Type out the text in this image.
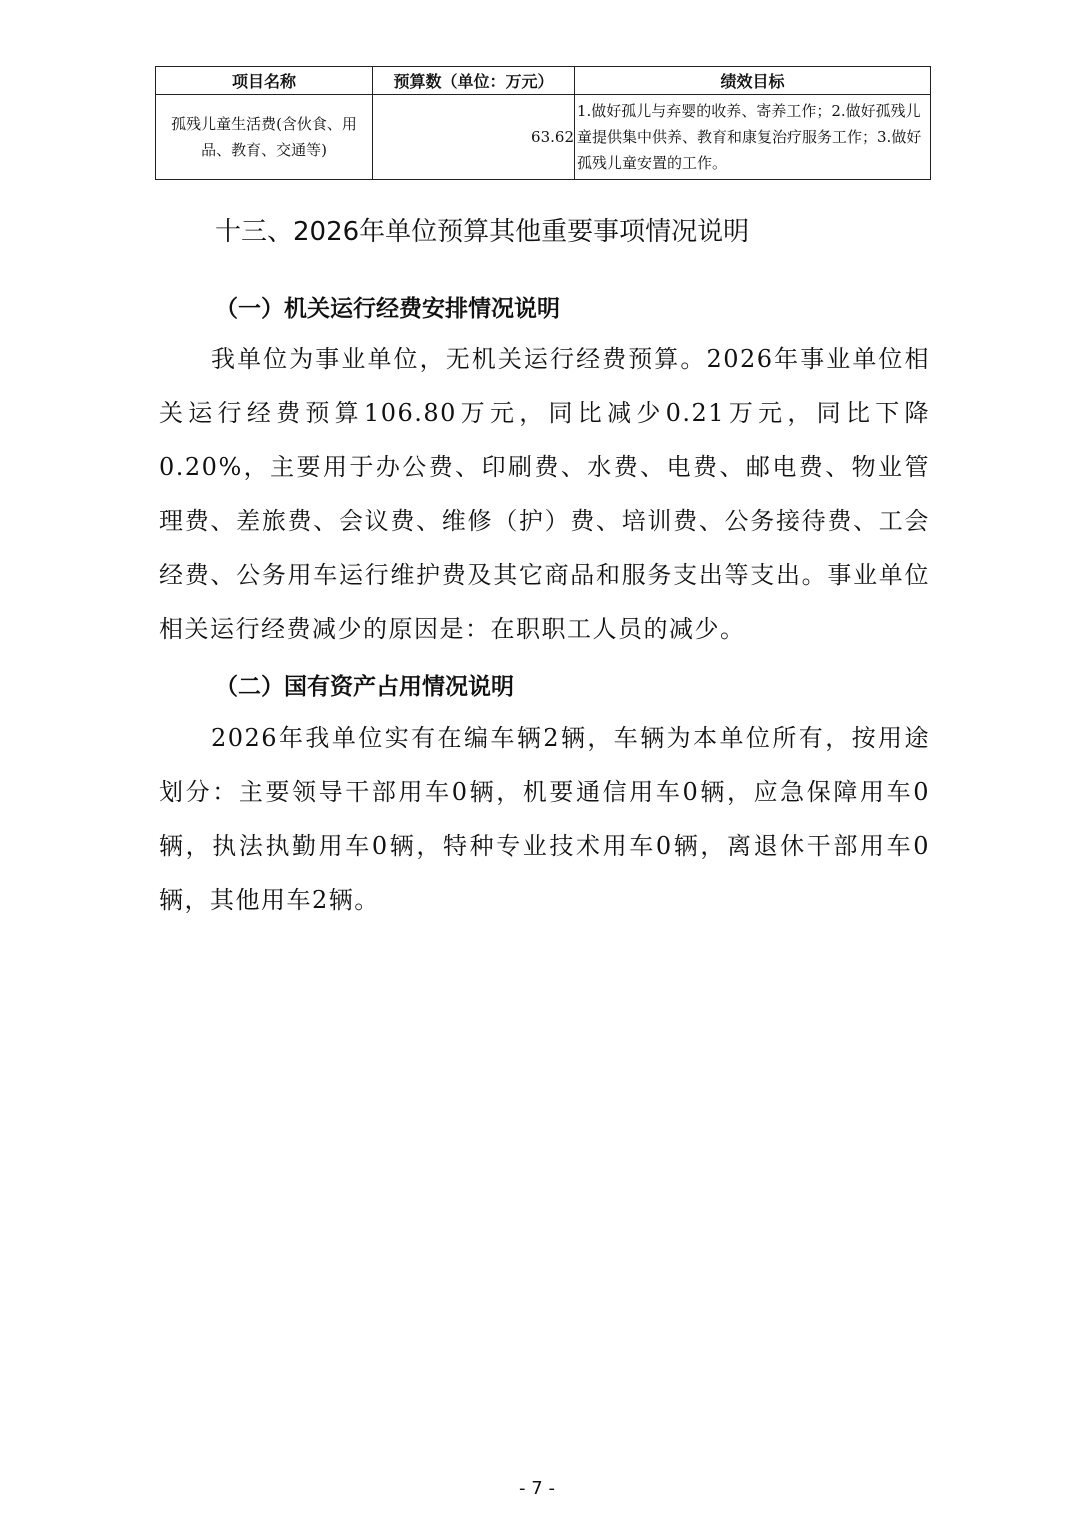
项目名称	预算数（单位：万元）	绩效目标
孤残儿童生活费(含伙食、用品、教育、交通等)	63.62	1.做好孤儿与弃婴的收养、寄养工作；2.做好孤残儿童提供集中供养、教育和康复治疗服务工作；3.做好孤残儿童安置的工作。
十三、2026年单位预算其他重要事项情况说明
（一）机关运行经费安排情况说明

我单位为事业单位，无机关运行经费预算。2026年事业单位相关运行经费预算106.80万元，同比减少0.21万元，同比下降0.20%，主要用于办公费、印刷费、水费、电费、邮电费、物业管理费、差旅费、会议费、维修（护）费、培训费、公务接待费、工会经费、公务用车运行维护费及其它商品和服务支出等支出。事业单位相关运行经费减少的原因是：在职职工人员的减少。

（二）国有资产占用情况说明

2026年我单位实有在编车辆2辆，车辆为本单位所有，按用途划分：主要领导干部用车0辆，机要通信用车0辆，应急保障用车0辆，执法执勤用车0辆，特种专业技术用车0辆，离退休干部用车0辆，其他用车2辆。

- 7 -
